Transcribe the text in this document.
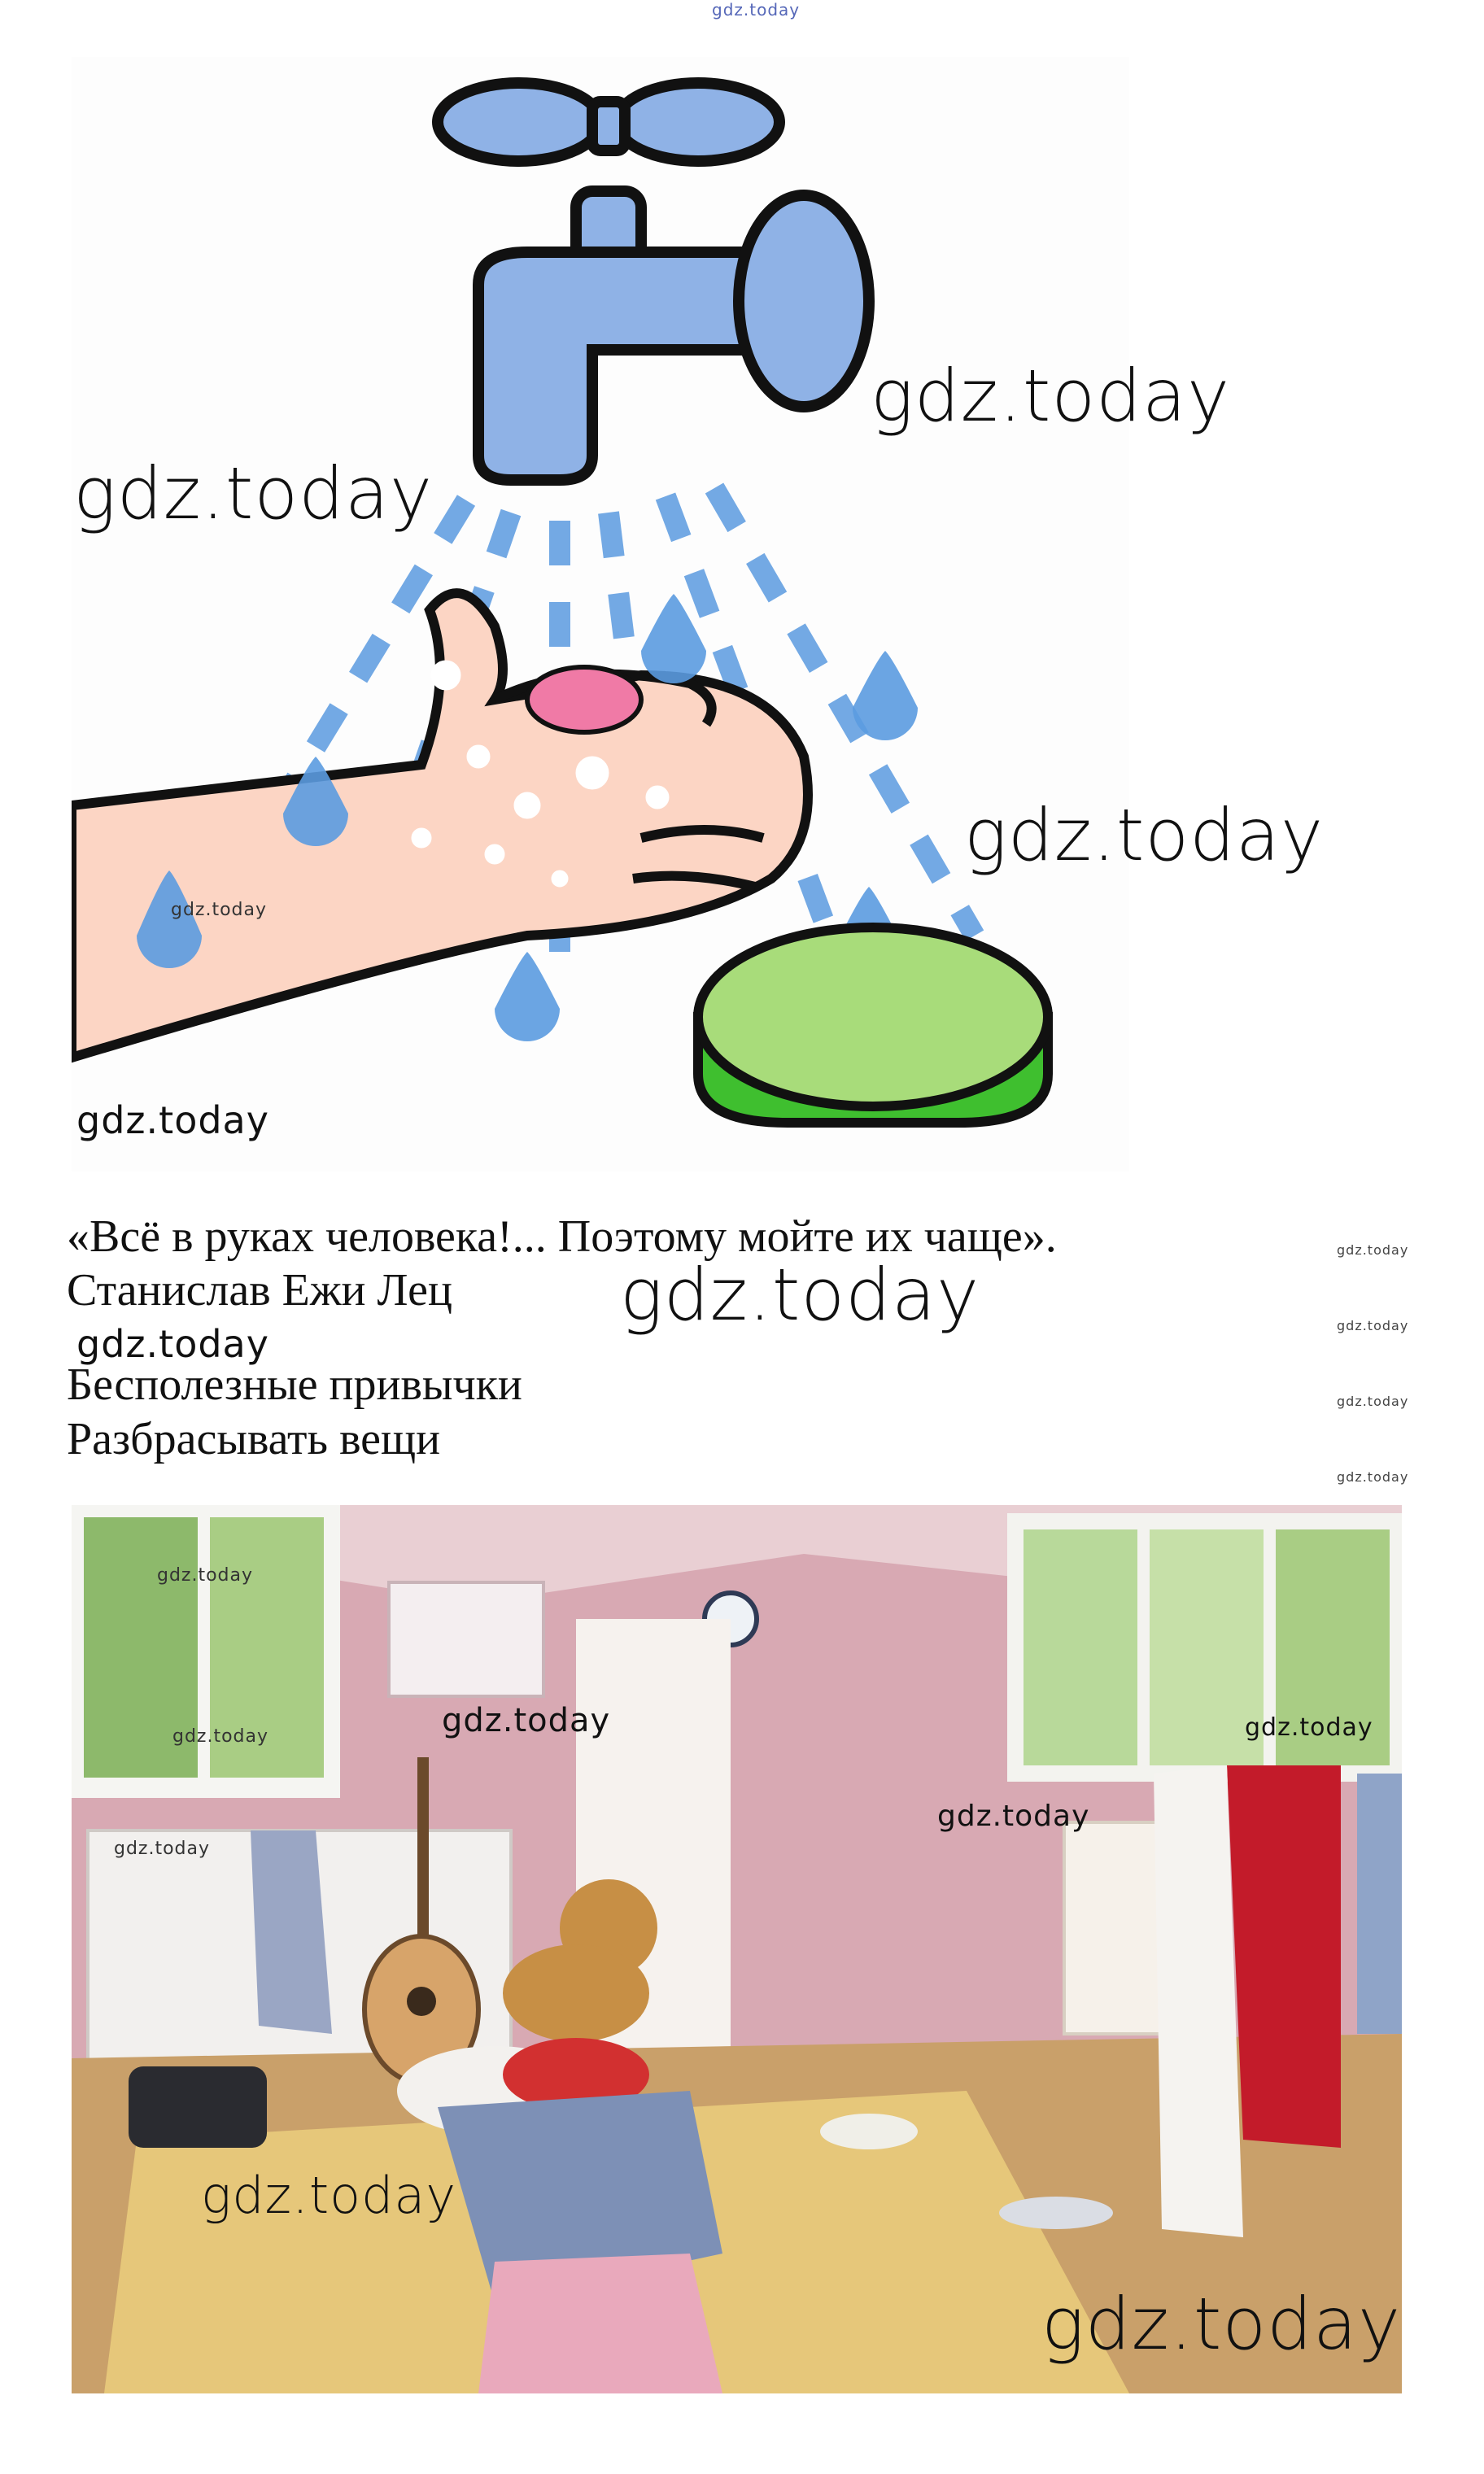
gdz.today
gdz.today
gdz.today
gdz.today
gdz.today
gdz.today
«Всё в руках человека!... Поэтому мойте их чаще».
Станислав Ежи Лец gdz.today
gdz.today
Бесполезные привычки
Разбрасывать вещи
gdz.today
gdz.today
gdz.today
gdz.today
gdz.today
gdz.today
gdz.today
gdz.today	gdz.today
gdz.today
gdz.today
gdz.today
